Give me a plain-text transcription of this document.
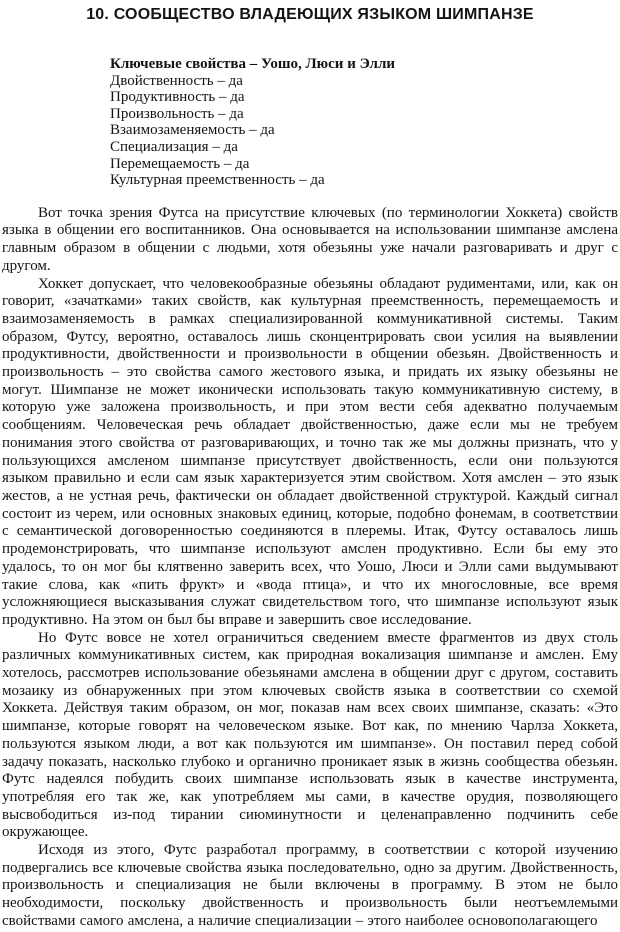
10. СООБЩЕСТВО ВЛАДЕЮЩИХ ЯЗЫКОМ ШИМПАНЗЕ
Ключевые свойства – Уошо, Люси и Элли
Двойственность – да
Продуктивность – да
Произвольность – да
Взаимозаменяемость – да
Специализация – да
Перемещаемость – да
Культурная преемственность – да

Вот точка зрения Футса на присутствие ключевых (по терминологии Хоккета) свойств языка в общении его воспитанников. Она основывается на использовании шимпанзе амслена главным образом в общении с людьми, хотя обезьяны уже начали разговаривать и друг с другом.

Хоккет допускает, что человекообразные обезьяны обладают рудиментами, или, как он говорит, «зачатками» таких свойств, как культурная преемственность, перемещаемость и взаимозаменяемость в рамках специализированной коммуникативной системы. Таким образом, Футсу, вероятно, оставалось лишь сконцентрировать свои усилия на выявлении продуктивности, двойственности и произвольности в общении обезьян. Двойственность и произвольность – это свойства самого жестового языка, и придать их языку обезьяны не могут. Шимпанзе не может иконически использовать такую коммуникативную систему, в которую уже заложена произвольность, и при этом вести себя адекватно получаемым сообщениям. Человеческая речь обладает двойственностью, даже если мы не требуем понимания этого свойства от разговаривающих, и точно так же мы должны признать, что у пользующихся амсленом шимпанзе присутствует двойственность, если они пользуются языком правильно и если сам язык характеризуется этим свойством. Хотя амслен – это язык жестов, а не устная речь, фактически он обладает двойственной структурой. Каждый сигнал состоит из черем, или основных знаковых единиц, которые, подобно фонемам, в соответствии с семантической договоренностью соединяются в плеремы. Итак, Футсу оставалось лишь продемонстрировать, что шимпанзе используют амслен продуктивно. Если бы ему это удалось, то он мог бы клятвенно заверить всех, что Уошо, Люси и Элли сами выдумывают такие слова, как «пить фрукт» и «вода птица», и что их многословные, все время усложняющиеся высказывания служат свидетельством того, что шимпанзе используют язык продуктивно. На этом он был бы вправе и завершить свое исследование.

Но Футс вовсе не хотел ограничиться сведением вместе фрагментов из двух столь различных коммуникативных систем, как природная вокализация шимпанзе и амслен. Ему хотелось, рассмотрев использование обезьянами амслена в общении друг с другом, составить мозаику из обнаруженных при этом ключевых свойств языка в соответствии со схемой Хоккета. Действуя таким образом, он мог, показав нам всех своих шимпанзе, сказать: «Это шимпанзе, которые говорят на человеческом языке. Вот как, по мнению Чарлза Хоккета, пользуются языком люди, а вот как пользуются им шимпанзе». Он поставил перед собой задачу показать, насколько глубоко и органично проникает язык в жизнь сообщества обезьян. Футс надеялся побудить своих шимпанзе использовать язык в качестве инструмента, употребляя его так же, как употребляем мы сами, в качестве орудия, позволяющего высвободиться из-под тирании сиюминутности и целенаправленно подчинить себе окружающее.

Исходя из этого, Футс разработал программу, в соответствии с которой изучению подвергались все ключевые свойства языка последовательно, одно за другим. Двойственность, произвольность и специализация не были включены в программу. В этом не было необходимости, поскольку двойственность и произвольность были неотъемлемыми свойствами самого амслена, а наличие специализации – этого наиболее основополагающего
